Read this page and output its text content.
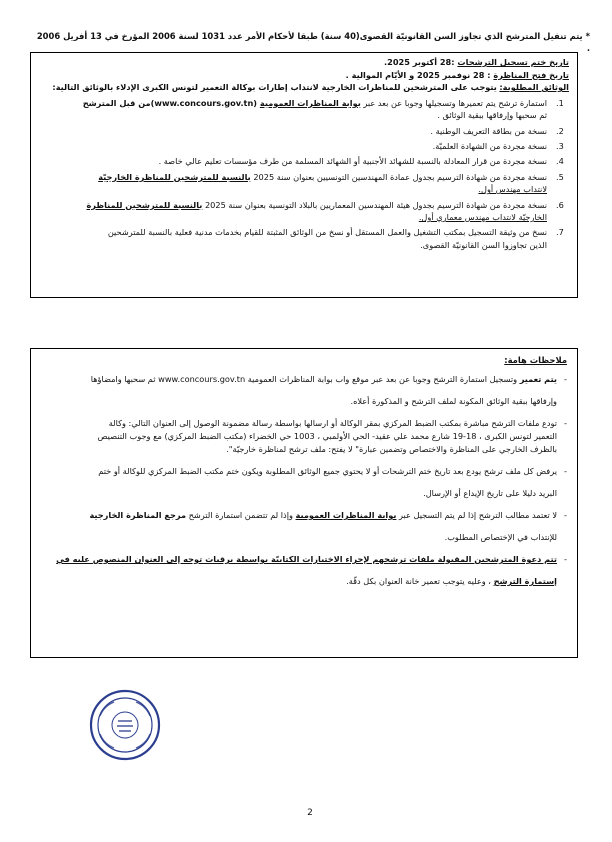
* يتم تنفيل المترشح الذي تجاوز السن القانونيّة القصوى(40 سنة) طبقا لأحكام الأمر عدد 1031 لسنة 2006 المؤرخ في 13 أفريل 2006 .
تاريخ ختم تسجيل الترشحات :28 أكتوبر 2025.
تاريخ فتح المناظرة : 28 نوفمبر 2025 و الأيّام الموالية .
الوثائق المطلوبة: يتوجب على المترشحين للمناظرات الخارجية لانتداب إطارات بوكالة التعمير لتونس الكبرى الإدلاء بالوثائق التالية:
1.
استمارة ترشح يتم تعميرها وتسجيلها وجوبا عن بعد عبر بوابة المناظرات العمومية (www.concours.gov.tn)من قبل المترشح
ثم سحبها وإرفاقها ببقية الوثائق .
2.
نسخة من بطاقة التعريف الوطنية .
3.
نسخة مجردة من الشهادة العلميّة.
4.
نسخة مجردة من قرار المعادلة بالنسبة للشهائد الأجنبية أو الشهائد المسلمة من طرف مؤسسات تعليم عالي خاصة .
5.
نسخة مجردة من شهادة الترسيم بجدول عمادة المهندسين التونسيين بعنوان سنة 2025 بالنسبة للمترشحين للمناظرة الخارجيّة
لانتداب مهندس أول.
6.
نسخة مجردة من شهادة الترسيم بجدول هيئة المهندسين المعماريين بالبلاد التونسية بعنوان سنة 2025 بالنسبة للمترشحين للمناظرة
الخارجيّة لانتداب مهندس معماري أول.
7.
نسخ من وثيقة التسجيل بمكتب التشغيل والعمل المستقل أو نسخ من الوثائق المثبتة للقيام بخدمات مدنية فعلية بالنسبة للمترشحين
الذين تجاوزوا السن القانونيّة القصوى.
ملاحظات هامة:
-
يتم تعمير وتسجيل استمارة الترشح وجوبا عن بعد عبر موقع واب بوابة المناظرات العمومية www.concours.gov.tn ثم سحبها وامضاؤها
وإرفاقها ببقية الوثائق المكونة لملف الترشح و المذكورة أعلاه.
-
تودع ملفات الترشح مباشرة بمكتب الضبط المركزي بمقر الوكالة أو ارسالها بواسطة رسالة مضمونة الوصول إلى العنوان التالي: وكالة
التعمير لتونس الكبرى ، 18-19 شارع محمد علي عقيد- الحي الأولمبي ، 1003 حي الخضراء (مكتب الضبط المركزي) مع وجوب التنصيص
بالظرف الخارجي على المناظرة والاختصاص وتضمين عبارة" لا يفتح: ملف ترشح لمناظرة خارجيّة".
-
يرفض كل ملف ترشح يودع بعد تاريخ ختم الترشحات أو لا يحتوي جميع الوثائق المطلوبة ويكون ختم مكتب الضبط المركزي للوكالة أو ختم
البريد دليلا على تاريخ الإيداع أو الإرسال.
-
لا تعتمد مطالب الترشح إذا لم يتم التسجيل عبر بوابة المناظرات العمومية وإذا لم تتضمن استمارة الترشح مرجع المناظرة الخارجية
للإنتداب في الإختصاص المطلوب.
-
تتم دعوة المترشحين المقبولة ملفات ترشحهم لإجراء الاختبارات الكتابيّة بواسطة برقيات توجه إلى العنوان المنصوص عليه في
إستمارة الترشح ، وعليه يتوجب تعمير خانة العنوان بكل دقّة.
2
